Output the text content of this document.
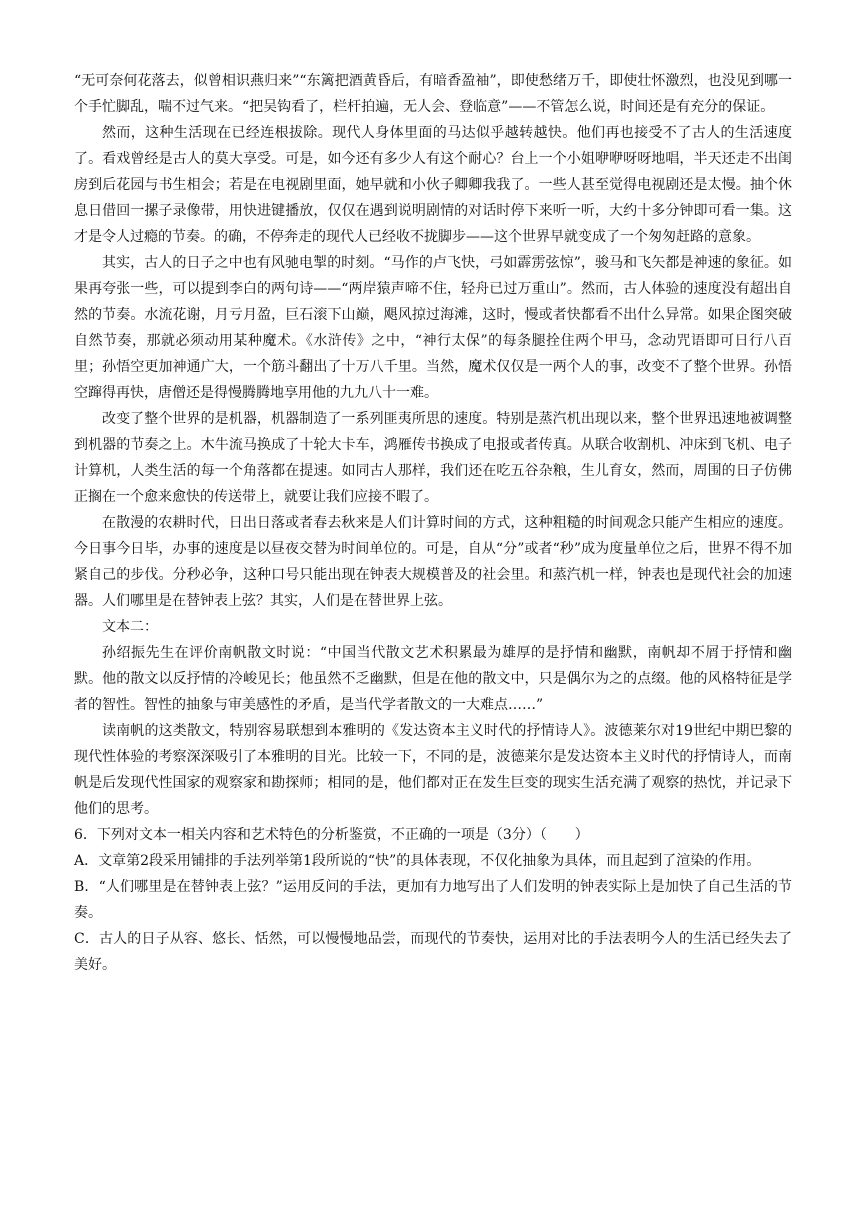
“无可奈何花落去，似曾相识燕归来”“东篱把酒黄昏后，有暗香盈袖”，即使愁绪万千，即使壮怀激烈，也没见到哪一个手忙脚乱，喘不过气来。“把吴钩看了，栏杆拍遍，无人会、登临意”——不管怎么说，时间还是有充分的保证。

然而，这种生活现在已经连根拔除。现代人身体里面的马达似乎越转越快。他们再也接受不了古人的生活速度了。看戏曾经是古人的莫大享受。可是，如今还有多少人有这个耐心？台上一个小姐咿咿呀呀地唱，半天还走不出闺房到后花园与书生相会；若是在电视剧里面，她早就和小伙子卿卿我我了。一些人甚至觉得电视剧还是太慢。抽个休息日借回一摞子录像带，用快进键播放，仅仅在遇到说明剧情的对话时停下来听一听，大约十多分钟即可看一集。这才是令人过瘾的节奏。的确，不停奔走的现代人已经收不拢脚步——这个世界早就变成了一个匆匆赶路的意象。

其实，古人的日子之中也有风驰电掣的时刻。“马作的卢飞快，弓如霹雳弦惊”，骏马和飞矢都是神速的象征。如果再夸张一些，可以提到李白的两句诗——“两岸猿声啼不住，轻舟已过万重山”。然而，古人体验的速度没有超出自然的节奏。水流花谢，月亏月盈，巨石滚下山巅，飓风掠过海滩，这时，慢或者快都看不出什么异常。如果企图突破自然节奏，那就必须动用某种魔术。《水浒传》之中，“神行太保”的每条腿拴住两个甲马，念动咒语即可日行八百里；孙悟空更加神通广大，一个筋斗翻出了十万八千里。当然，魔术仅仅是一两个人的事，改变不了整个世界。孙悟空蹿得再快，唐僧还是得慢腾腾地享用他的九九八十一难。

改变了整个世界的是机器，机器制造了一系列匪夷所思的速度。特别是蒸汽机出现以来，整个世界迅速地被调整到机器的节奏之上。木牛流马换成了十轮大卡车，鸿雁传书换成了电报或者传真。从联合收割机、冲床到飞机、电子计算机，人类生活的每一个角落都在提速。如同古人那样，我们还在吃五谷杂粮，生儿育女，然而，周围的日子仿佛正搁在一个愈来愈快的传送带上，就要让我们应接不暇了。

在散漫的农耕时代，日出日落或者春去秋来是人们计算时间的方式，这种粗糙的时间观念只能产生相应的速度。今日事今日毕，办事的速度是以昼夜交替为时间单位的。可是，自从“分”或者“秒”成为度量单位之后，世界不得不加紧自己的步伐。分秒必争，这种口号只能出现在钟表大规模普及的社会里。和蒸汽机一样，钟表也是现代社会的加速器。人们哪里是在替钟表上弦？其实，人们是在替世界上弦。

文本二：

孙绍振先生在评价南帆散文时说：“中国当代散文艺术积累最为雄厚的是抒情和幽默，南帆却不屑于抒情和幽默。他的散文以反抒情的冷峻见长；他虽然不乏幽默，但是在他的散文中，只是偶尔为之的点缀。他的风格特征是学者的智性。智性的抽象与审美感性的矛盾，是当代学者散文的一大难点……”

读南帆的这类散文，特别容易联想到本雅明的《发达资本主义时代的抒情诗人》。波德莱尔对19世纪中期巴黎的现代性体验的考察深深吸引了本雅明的目光。比较一下，不同的是，波德莱尔是发达资本主义时代的抒情诗人，而南帆是后发现代性国家的观察家和勘探师；相同的是，他们都对正在发生巨变的现实生活充满了观察的热忱，并记录下他们的思考。

6．下列对文本一相关内容和艺术特色的分析鉴赏，不正确的一项是（3分）（　　）

A．文章第2段采用铺排的手法列举第1段所说的“快”的具体表现，不仅化抽象为具体，而且起到了渲染的作用。

B．“人们哪里是在替钟表上弦？”运用反问的手法，更加有力地写出了人们发明的钟表实际上是加快了自己生活的节奏。

C．古人的日子从容、悠长、恬然，可以慢慢地品尝，而现代的节奏快，运用对比的手法表明今人的生活已经失去了美好。
